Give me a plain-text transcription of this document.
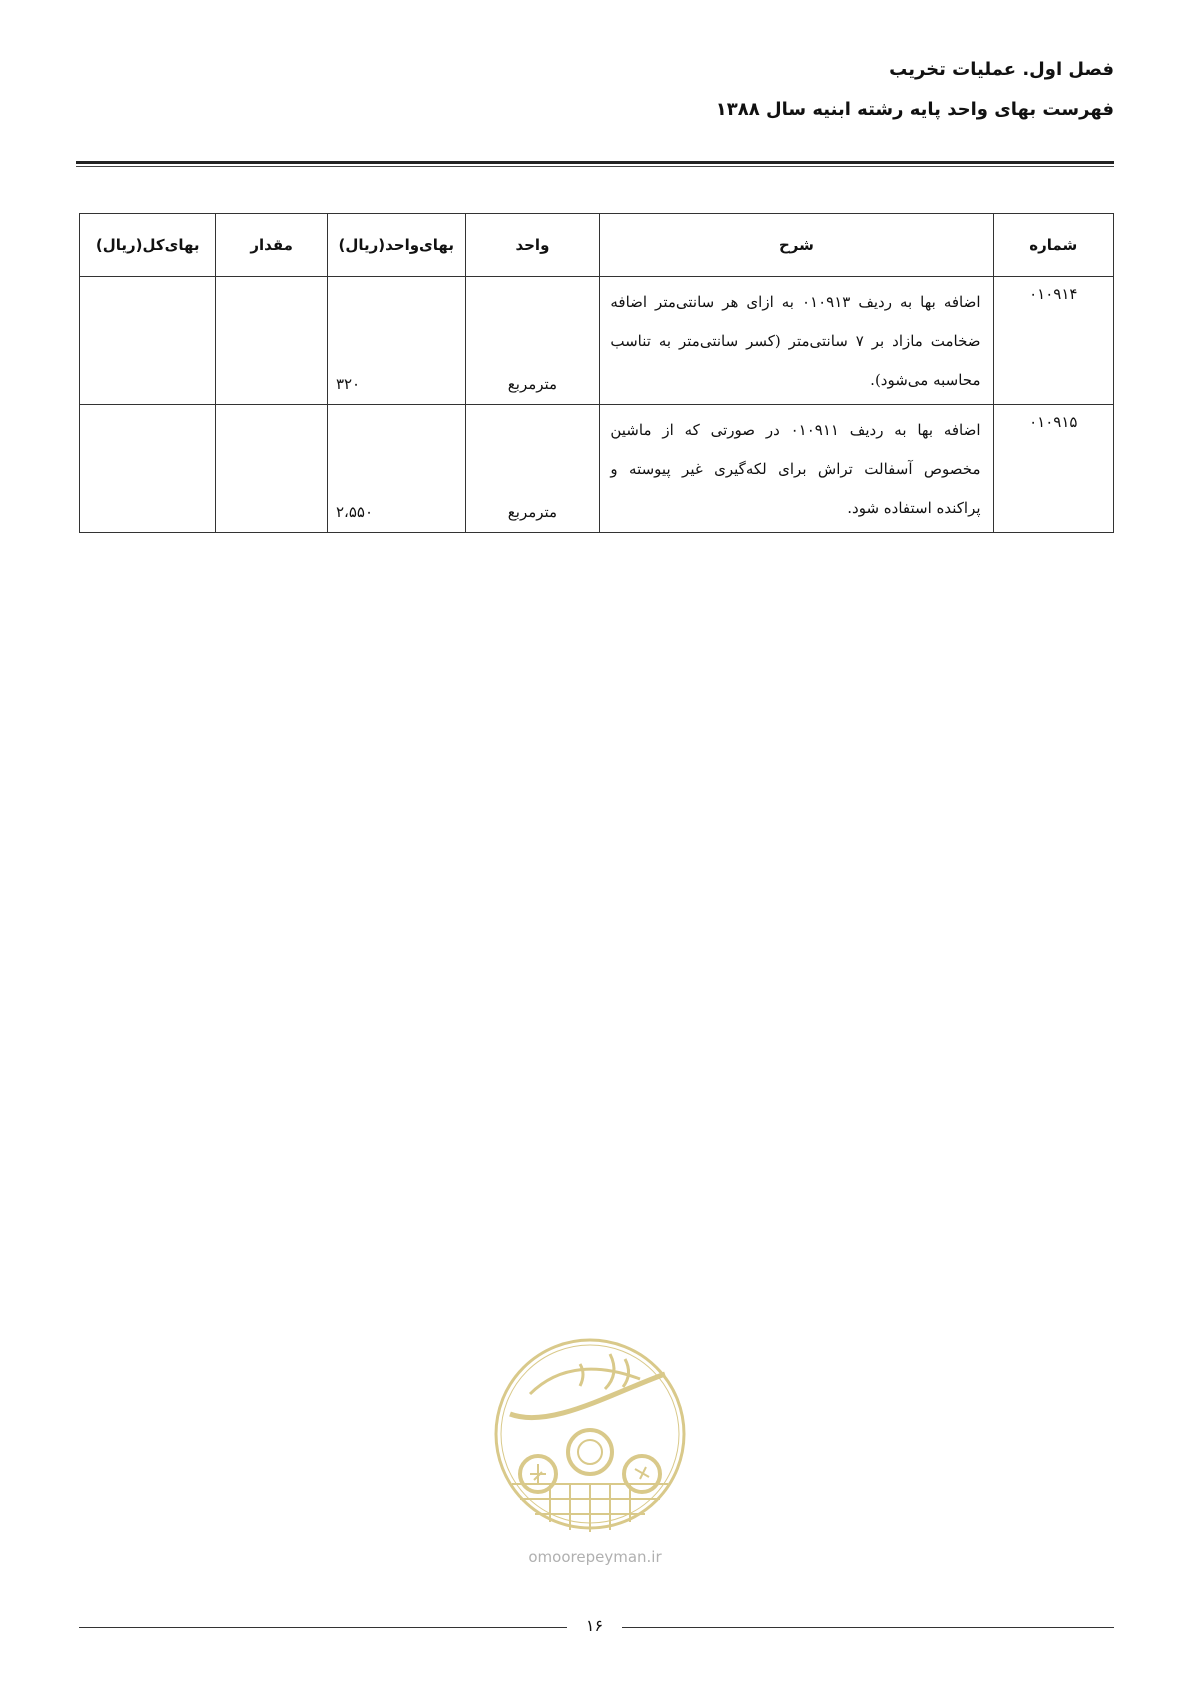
فصل اول. عملیات تخریب
فهرست بهای واحد پایه رشته ابنیه سال ۱۳۸۸
شماره	شرح	واحد	بهای‌واحد(ریال)	مقدار	بهای‌کل(ریال)

۰۱۰۹۱۴	اضافه بها به ردیف ۰۱۰۹۱۳ به ازای هر سانتی‌متر اضافه ضخامت مازاد بر ۷ سانتی‌متر (کسر سانتی‌متر به تناسب محاسبه می‌شود).	مترمربع	۳۲۰		

۰۱۰۹۱۵	اضافه بها به ردیف ۰۱۰۹۱۱ در صورتی که از ماشین مخصوص آسفالت تراش برای لکه‌گیری غیر پیوسته و پراکنده استفاده شود.	مترمربع	۲،۵۵۰		

omoorepeyman.ir
۱۶
